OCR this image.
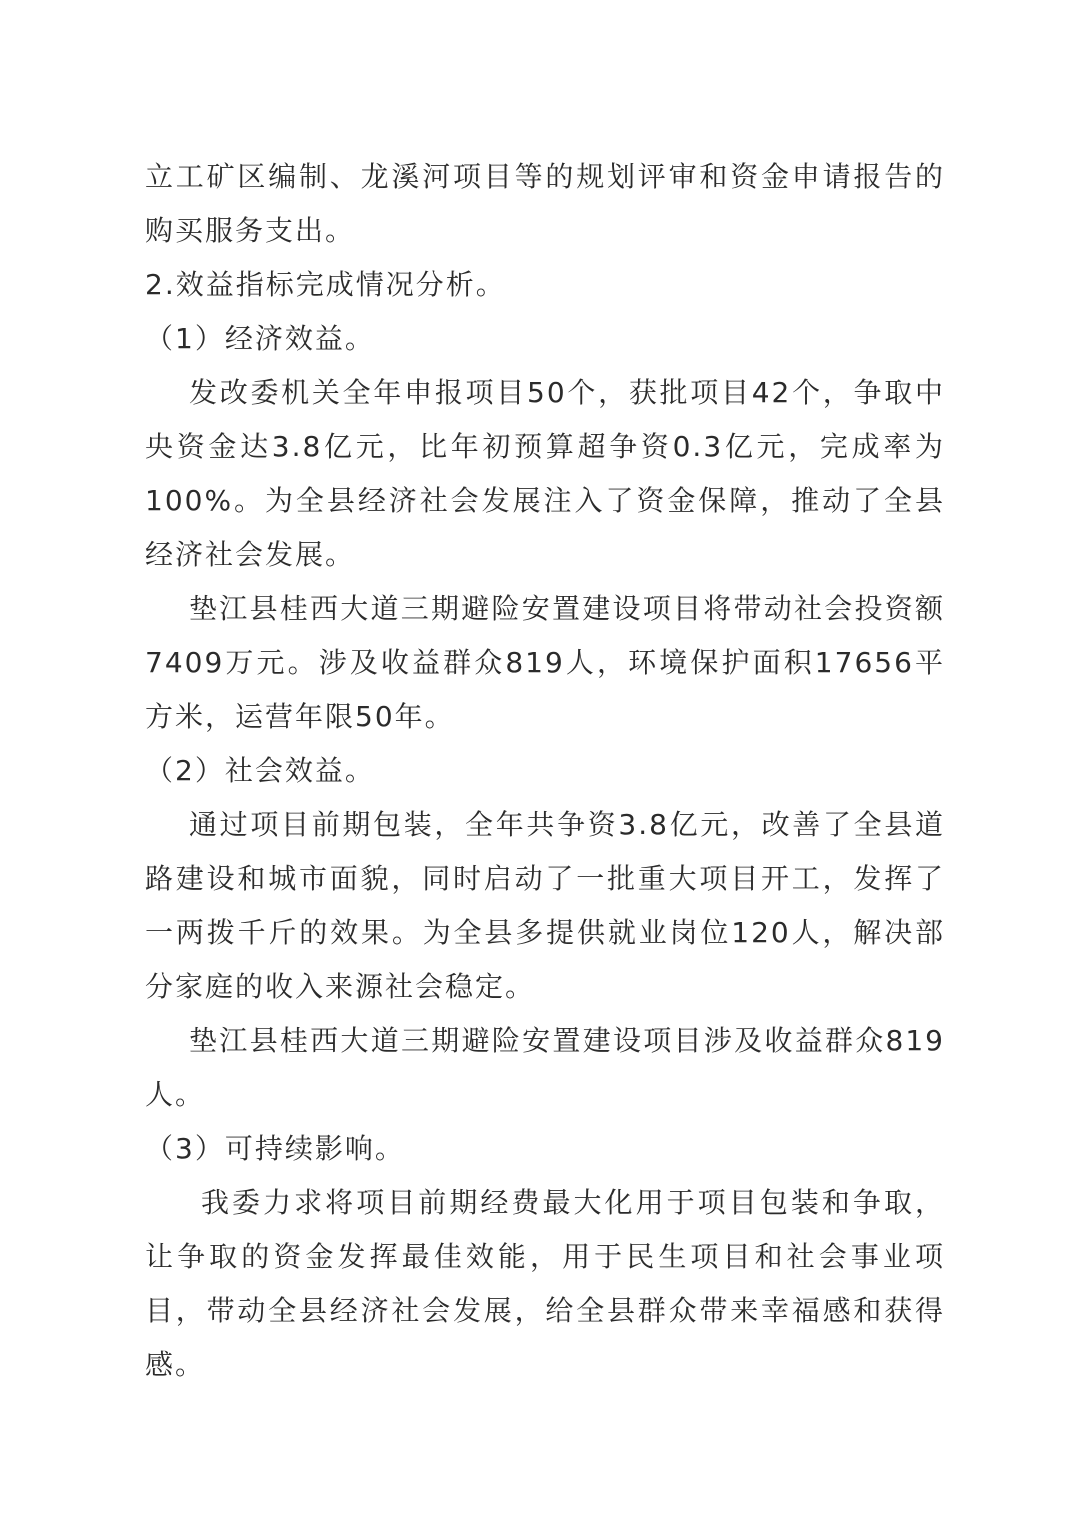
立工矿区编制、龙溪河项目等的规划评审和资金申请报告的购买服务支出。

2.效益指标完成情况分析。

（1）经济效益。

发改委机关全年申报项目50个，获批项目42个，争取中央资金达3.8亿元，比年初预算超争资0.3亿元，完成率为100%。为全县经济社会发展注入了资金保障，推动了全县经济社会发展。

垫江县桂西大道三期避险安置建设项目将带动社会投资额7409万元。涉及收益群众819人，环境保护面积17656平方米，运营年限50年。

（2）社会效益。

通过项目前期包装，全年共争资3.8亿元，改善了全县道路建设和城市面貌，同时启动了一批重大项目开工，发挥了一两拨千斤的效果。为全县多提供就业岗位120人，解决部分家庭的收入来源社会稳定。

垫江县桂西大道三期避险安置建设项目涉及收益群众819人。

（3）可持续影响。

我委力求将项目前期经费最大化用于项目包装和争取，让争取的资金发挥最佳效能，用于民生项目和社会事业项目，带动全县经济社会发展，给全县群众带来幸福感和获得感。
